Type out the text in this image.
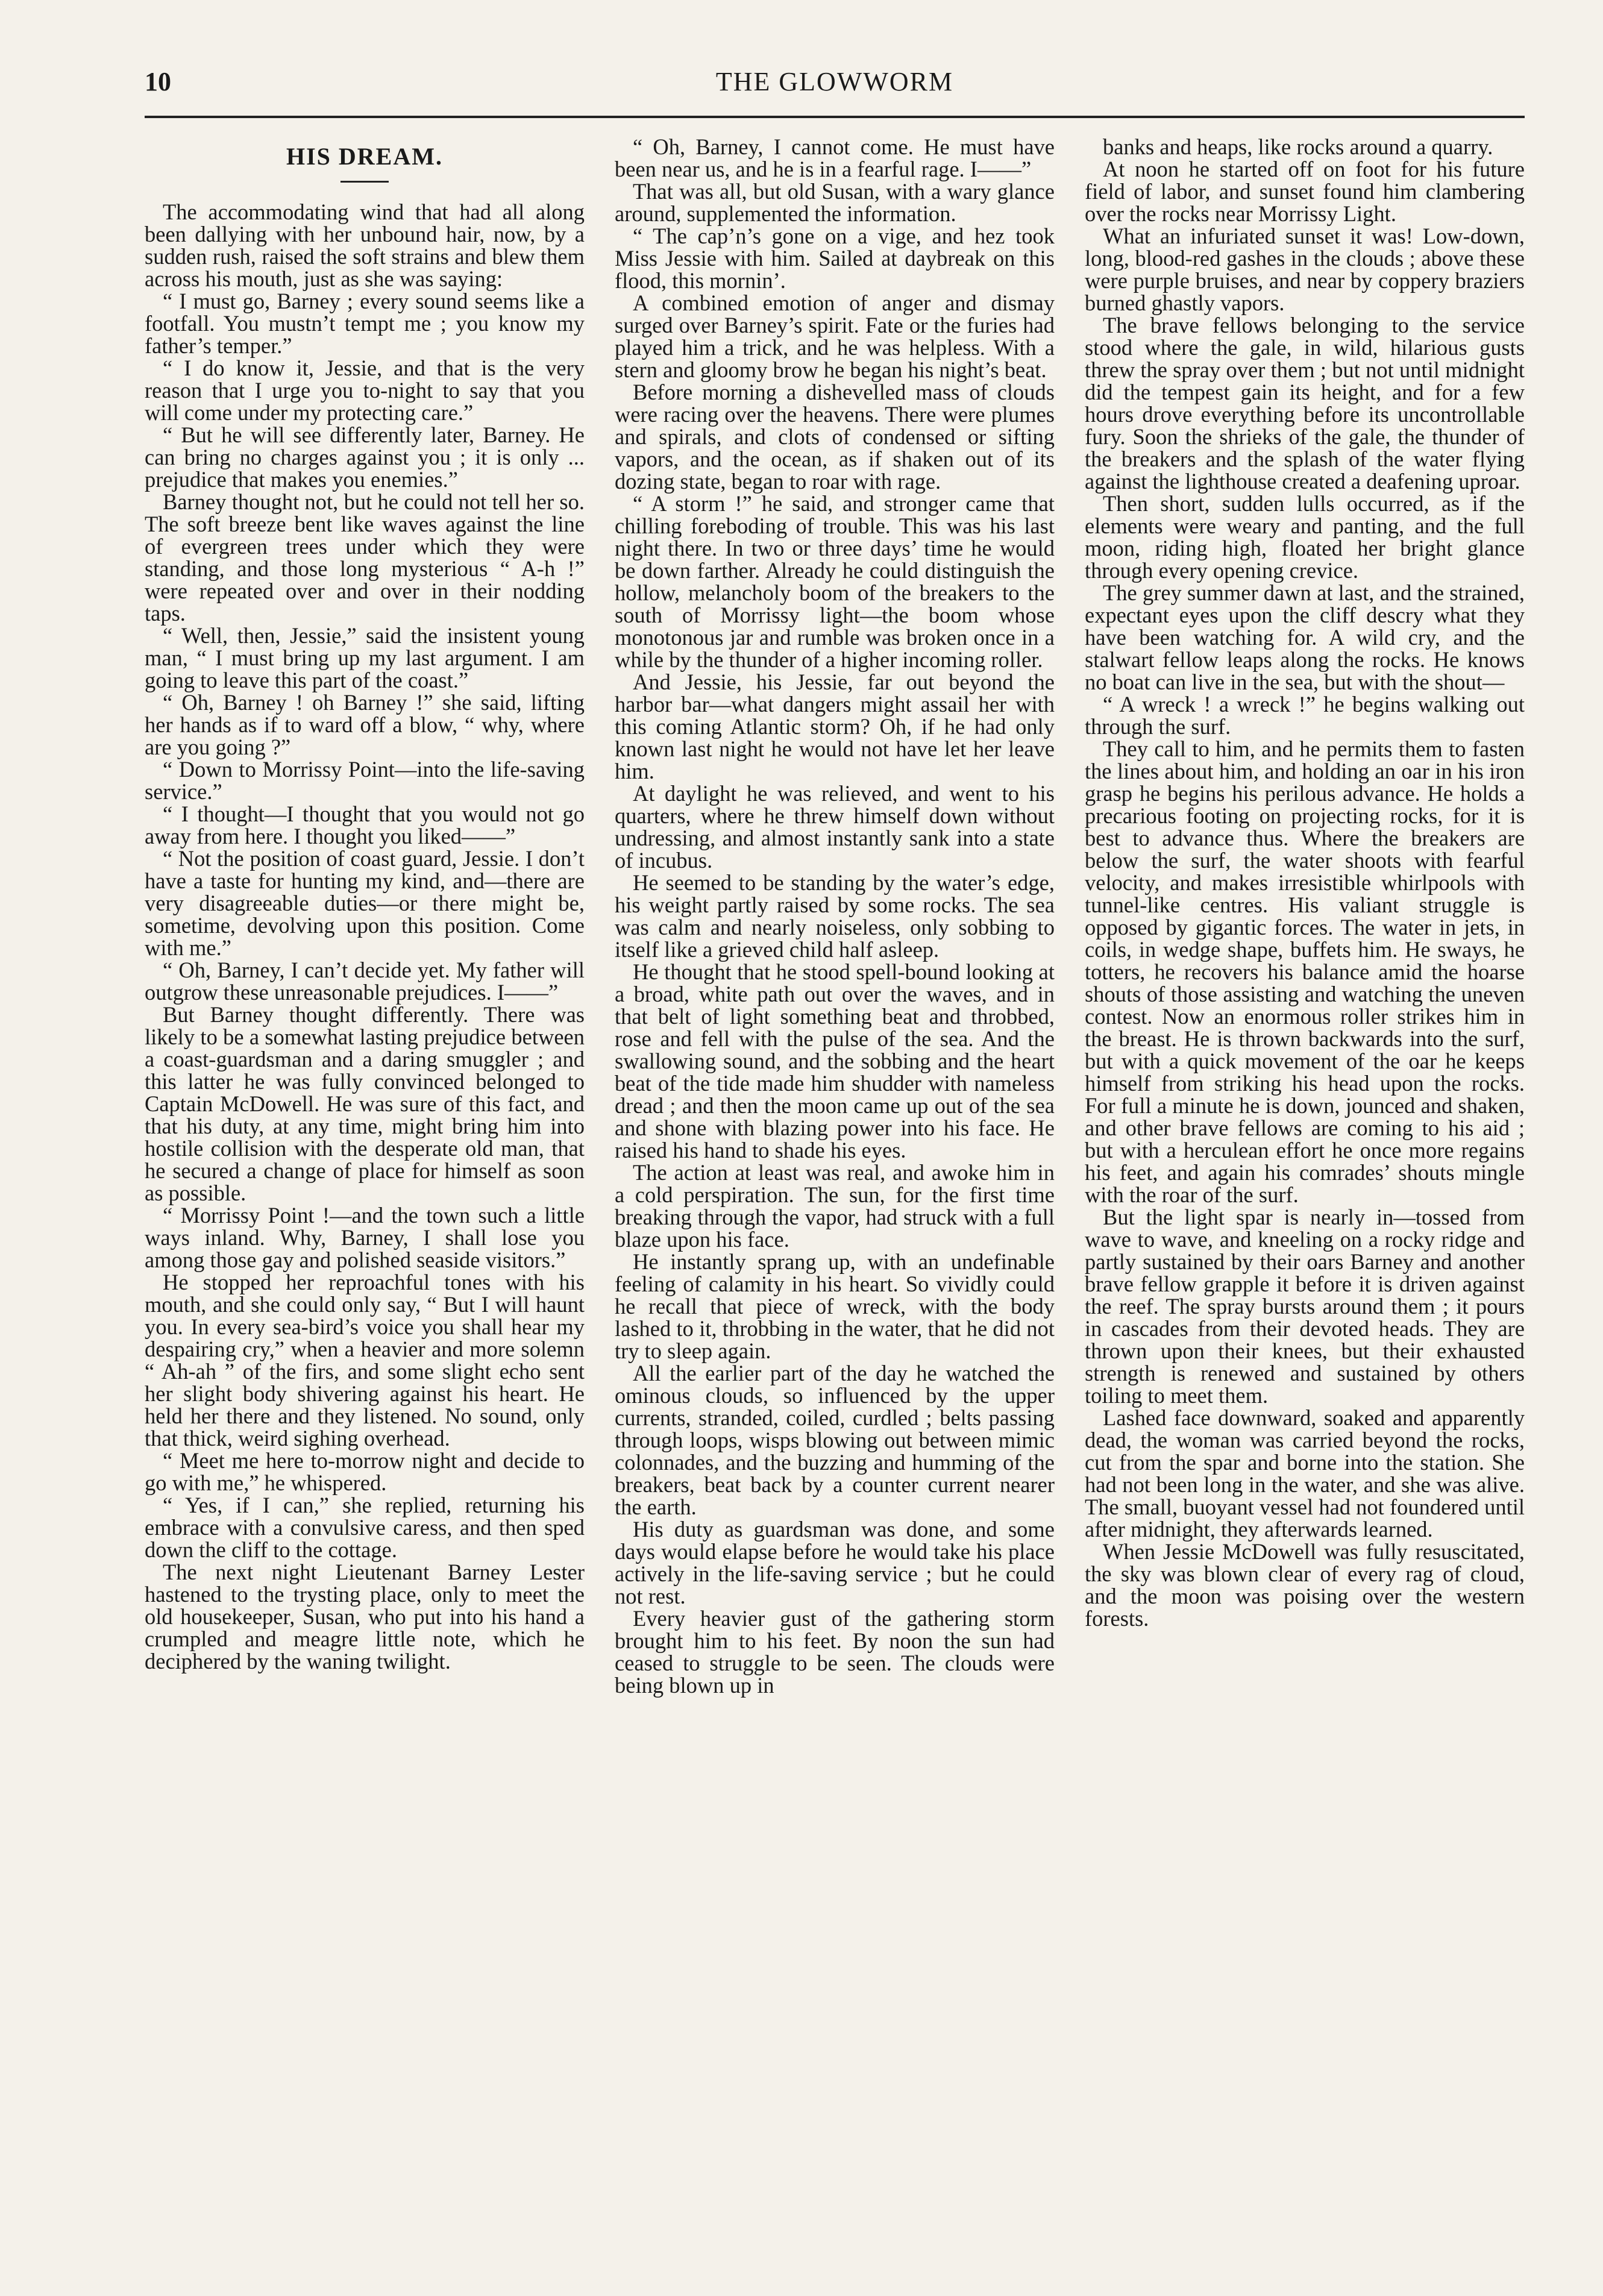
10	THE GLOWWORM
HIS DREAM.

The accommodating wind that had all along been dallying with her unbound hair, now, by a sudden rush, raised the soft strains and blew them across his mouth, just as she was saying:

“ I must go, Barney ; every sound seems like a footfall. You mustn’t tempt me ; you know my father’s temper.”

“ I do know it, Jessie, and that is the very reason that I urge you to-night to say that you will come under my protecting care.”

“ But he will see differently later, Barney. He can bring no charges against you ; it is only ... prejudice that makes you enemies.”

Barney thought not, but he could not tell her so. The soft breeze bent like waves against the line of evergreen trees under which they were standing, and those long mysterious “ A-h !” were repeated over and over in their nodding taps.

“ Well, then, Jessie,” said the insistent young man, “ I must bring up my last argument. I am going to leave this part of the coast.”

“ Oh, Barney ! oh Barney !” she said, lifting her hands as if to ward off a blow, “ why, where are you going ?”

“ Down to Morrissy Point—into the life-saving service.”

“ I thought—I thought that you would not go away from here. I thought you liked——”

“ Not the position of coast guard, Jessie. I don’t have a taste for hunting my kind, and—there are very disagreeable duties—or there might be, sometime, devolving upon this position. Come with me.”

“ Oh, Barney, I can’t decide yet. My father will outgrow these unreasonable prejudices. I——”

But Barney thought differently. There was likely to be a somewhat lasting prejudice between a coast-guardsman and a daring smuggler ; and this latter he was fully convinced belonged to Captain McDowell. He was sure of this fact, and that his duty, at any time, might bring him into hostile collision with the desperate old man, that he secured a change of place for himself as soon as possible.

“ Morrissy Point !—and the town such a little ways inland. Why, Barney, I shall lose you among those gay and polished seaside visitors.”

He stopped her reproachful tones with his mouth, and she could only say, “ But I will haunt you. In every sea-bird’s voice you shall hear my despairing cry,” when a heavier and more solemn “ Ah-ah ” of the firs, and some slight echo sent her slight body shivering against his heart. He held her there and they listened. No sound, only that thick, weird sighing overhead.

“ Meet me here to-morrow night and decide to go with me,” he whispered.

“ Yes, if I can,” she replied, returning his embrace with a convulsive caress, and then sped down the cliff to the cottage.

The next night Lieutenant Barney Lester hastened to the trysting place, only to meet the old housekeeper, Susan, who put into his hand a crumpled and meagre little note, which he deciphered by the waning twilight.

“ Oh, Barney, I cannot come. He must have been near us, and he is in a fearful rage. I——”

That was all, but old Susan, with a wary glance around, supplemented the information.

“ The cap’n’s gone on a vige, and hez took Miss Jessie with him. Sailed at daybreak on this flood, this mornin’.

A combined emotion of anger and dismay surged over Barney’s spirit. Fate or the furies had played him a trick, and he was helpless. With a stern and gloomy brow he began his night’s beat.

Before morning a dishevelled mass of clouds were racing over the heavens. There were plumes and spirals, and clots of condensed or sifting vapors, and the ocean, as if shaken out of its dozing state, began to roar with rage.

“ A storm !” he said, and stronger came that chilling foreboding of trouble. This was his last night there. In two or three days’ time he would be down farther. Already he could distinguish the hollow, melancholy boom of the breakers to the south of Morrissy light—the boom whose monotonous jar and rumble was broken once in a while by the thunder of a higher incoming roller.

And Jessie, his Jessie, far out beyond the harbor bar—what dangers might assail her with this coming Atlantic storm? Oh, if he had only known last night he would not have let her leave him.

At daylight he was relieved, and went to his quarters, where he threw himself down without undressing, and almost instantly sank into a state of incubus.

He seemed to be standing by the water’s edge, his weight partly raised by some rocks. The sea was calm and nearly noiseless, only sobbing to itself like a grieved child half asleep.

He thought that he stood spell-bound looking at a broad, white path out over the waves, and in that belt of light something beat and throbbed, rose and fell with the pulse of the sea. And the swallowing sound, and the sobbing and the heart beat of the tide made him shudder with nameless dread ; and then the moon came up out of the sea and shone with blazing power into his face. He raised his hand to shade his eyes.

The action at least was real, and awoke him in a cold perspiration. The sun, for the first time breaking through the vapor, had struck with a full blaze upon his face.

He instantly sprang up, with an undefinable feeling of calamity in his heart. So vividly could he recall that piece of wreck, with the body lashed to it, throbbing in the water, that he did not try to sleep again.

All the earlier part of the day he watched the ominous clouds, so influenced by the upper currents, stranded, coiled, curdled ; belts passing through loops, wisps blowing out between mimic colonnades, and the buzzing and humming of the breakers, beat back by a counter current nearer the earth.

His duty as guardsman was done, and some days would elapse before he would take his place actively in the life-saving service ; but he could not rest.

Every heavier gust of the gathering storm brought him to his feet. By noon the sun had ceased to struggle to be seen. The clouds were being blown up in

banks and heaps, like rocks around a quarry.

At noon he started off on foot for his future field of labor, and sunset found him clambering over the rocks near Morrissy Light.

What an infuriated sunset it was! Low-down, long, blood-red gashes in the clouds ; above these were purple bruises, and near by coppery braziers burned ghastly vapors.

The brave fellows belonging to the service stood where the gale, in wild, hilarious gusts threw the spray over them ; but not until midnight did the tempest gain its height, and for a few hours drove everything before its uncontrollable fury. Soon the shrieks of the gale, the thunder of the breakers and the splash of the water flying against the lighthouse created a deafening uproar.

Then short, sudden lulls occurred, as if the elements were weary and panting, and the full moon, riding high, floated her bright glance through every opening crevice.

The grey summer dawn at last, and the strained, expectant eyes upon the cliff descry what they have been watching for. A wild cry, and the stalwart fellow leaps along the rocks. He knows no boat can live in the sea, but with the shout—

“ A wreck ! a wreck !” he begins walking out through the surf.

They call to him, and he permits them to fasten the lines about him, and holding an oar in his iron grasp he begins his perilous advance. He holds a precarious footing on projecting rocks, for it is best to advance thus. Where the breakers are below the surf, the water shoots with fearful velocity, and makes irresistible whirlpools with tunnel-like centres. His valiant struggle is opposed by gigantic forces. The water in jets, in coils, in wedge shape, buffets him. He sways, he totters, he recovers his balance amid the hoarse shouts of those assisting and watching the uneven contest. Now an enormous roller strikes him in the breast. He is thrown backwards into the surf, but with a quick movement of the oar he keeps himself from striking his head upon the rocks. For full a minute he is down, jounced and shaken, and other brave fellows are coming to his aid ; but with a herculean effort he once more regains his feet, and again his comrades’ shouts mingle with the roar of the surf.

But the light spar is nearly in—tossed from wave to wave, and kneeling on a rocky ridge and partly sustained by their oars Barney and another brave fellow grapple it before it is driven against the reef. The spray bursts around them ; it pours in cascades from their devoted heads. They are thrown upon their knees, but their exhausted strength is renewed and sustained by others toiling to meet them.

Lashed face downward, soaked and apparently dead, the woman was carried beyond the rocks, cut from the spar and borne into the station. She had not been long in the water, and she was alive. The small, buoyant vessel had not foundered until after midnight, they afterwards learned.

When Jessie McDowell was fully resuscitated, the sky was blown clear of every rag of cloud, and the moon was poising over the western forests.
